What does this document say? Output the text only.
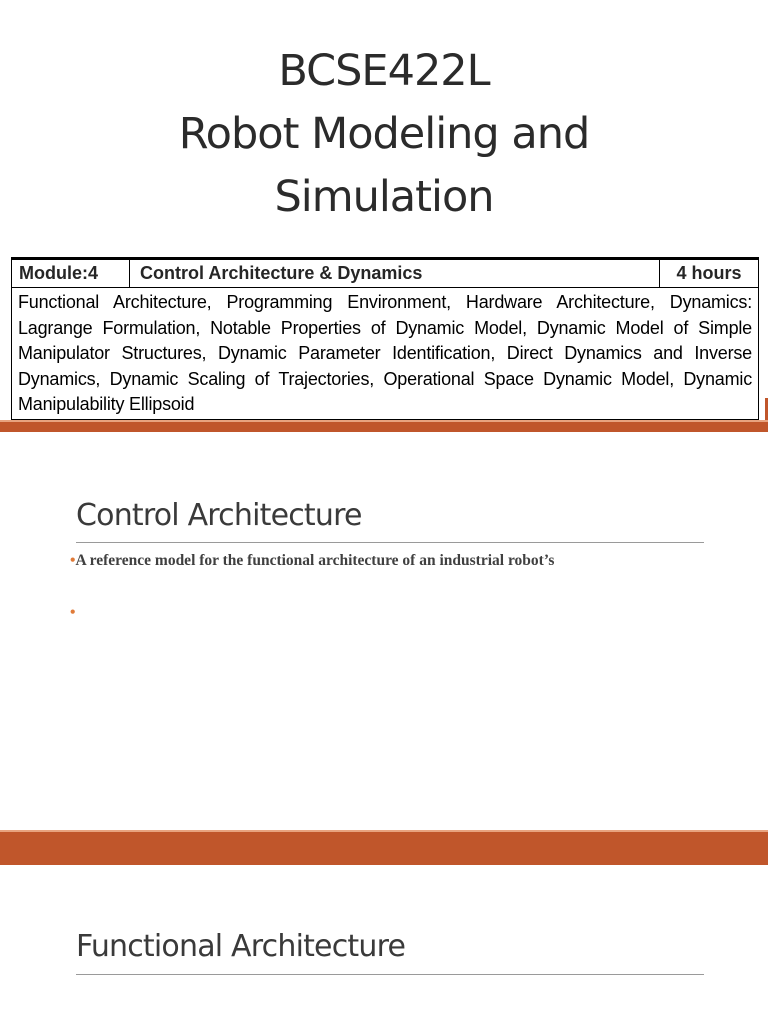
BCSE422L
Robot Modeling and
Simulation
Module:4	Control Architecture & Dynamics	4 hours
Functional Architecture, Programming Environment, Hardware Architecture, Dynamics: Lagrange Formulation, Notable Properties of Dynamic Model, Dynamic Model of Simple Manipulator Structures, Dynamic Parameter Identification, Direct Dynamics and Inverse Dynamics, Dynamic Scaling of Trajectories, Operational Space Dynamic Model, Dynamic Manipulability Ellipsoid
Control Architecture
•A reference model for the functional architecture of an industrial robot’s
•
Functional Architecture
